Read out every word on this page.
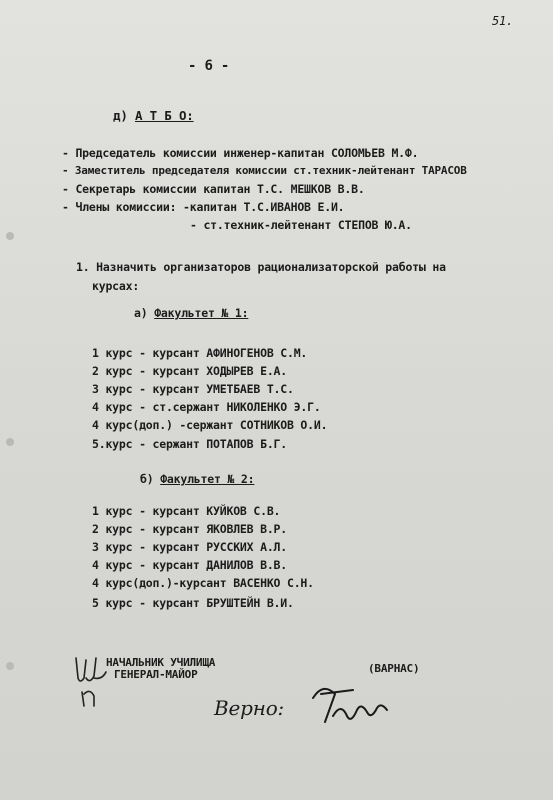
51.
- 6 -
д) А Т Б О:
- Председатель комиссии инженер-капитан СОЛОМЬЕВ М.Ф.
- Заместитель председателя комиссии ст.техник-лейтенант ТАРАСОВ
- Секретарь комиссии капитан Т.С. МЕШКОВ В.В.
- Члены комиссии: -капитан Т.С.ИВАНОВ Е.И.
- ст.техник-лейтенант СТЕПОВ Ю.А.
1. Назначить организаторов рационализаторской работы на
курсах:
а) Факультет № 1:
1 курс - курсант АФИНОГЕНОВ С.М.
2 курс - курсант ХОДЫРЕВ Е.А.
3 курс - курсант УМЕТБАЕВ Т.С.
4 курс - ст.сержант НИКОЛЕНКО Э.Г.
4 курс(доп.) -сержант СОТНИКОВ О.И.
5.курс - сержант ПОТАПОВ Б.Г.
б) Факультет № 2:
1 курс - курсант КУЙКОВ С.В.
2 курс - курсант ЯКОВЛЕВ В.Р.
3 курс - курсант РУССКИХ А.Л.
4 курс - курсант ДАНИЛОВ В.В.
4 курс(доп.)-курсант ВАСЕНКО С.Н.
5 курс - курсант БРУШТЕЙН В.И.
НАЧАЛЬНИК УЧИЛИЩА
ГЕНЕРАЛ-МАЙОР	(ВАРНАС)
Верно:
